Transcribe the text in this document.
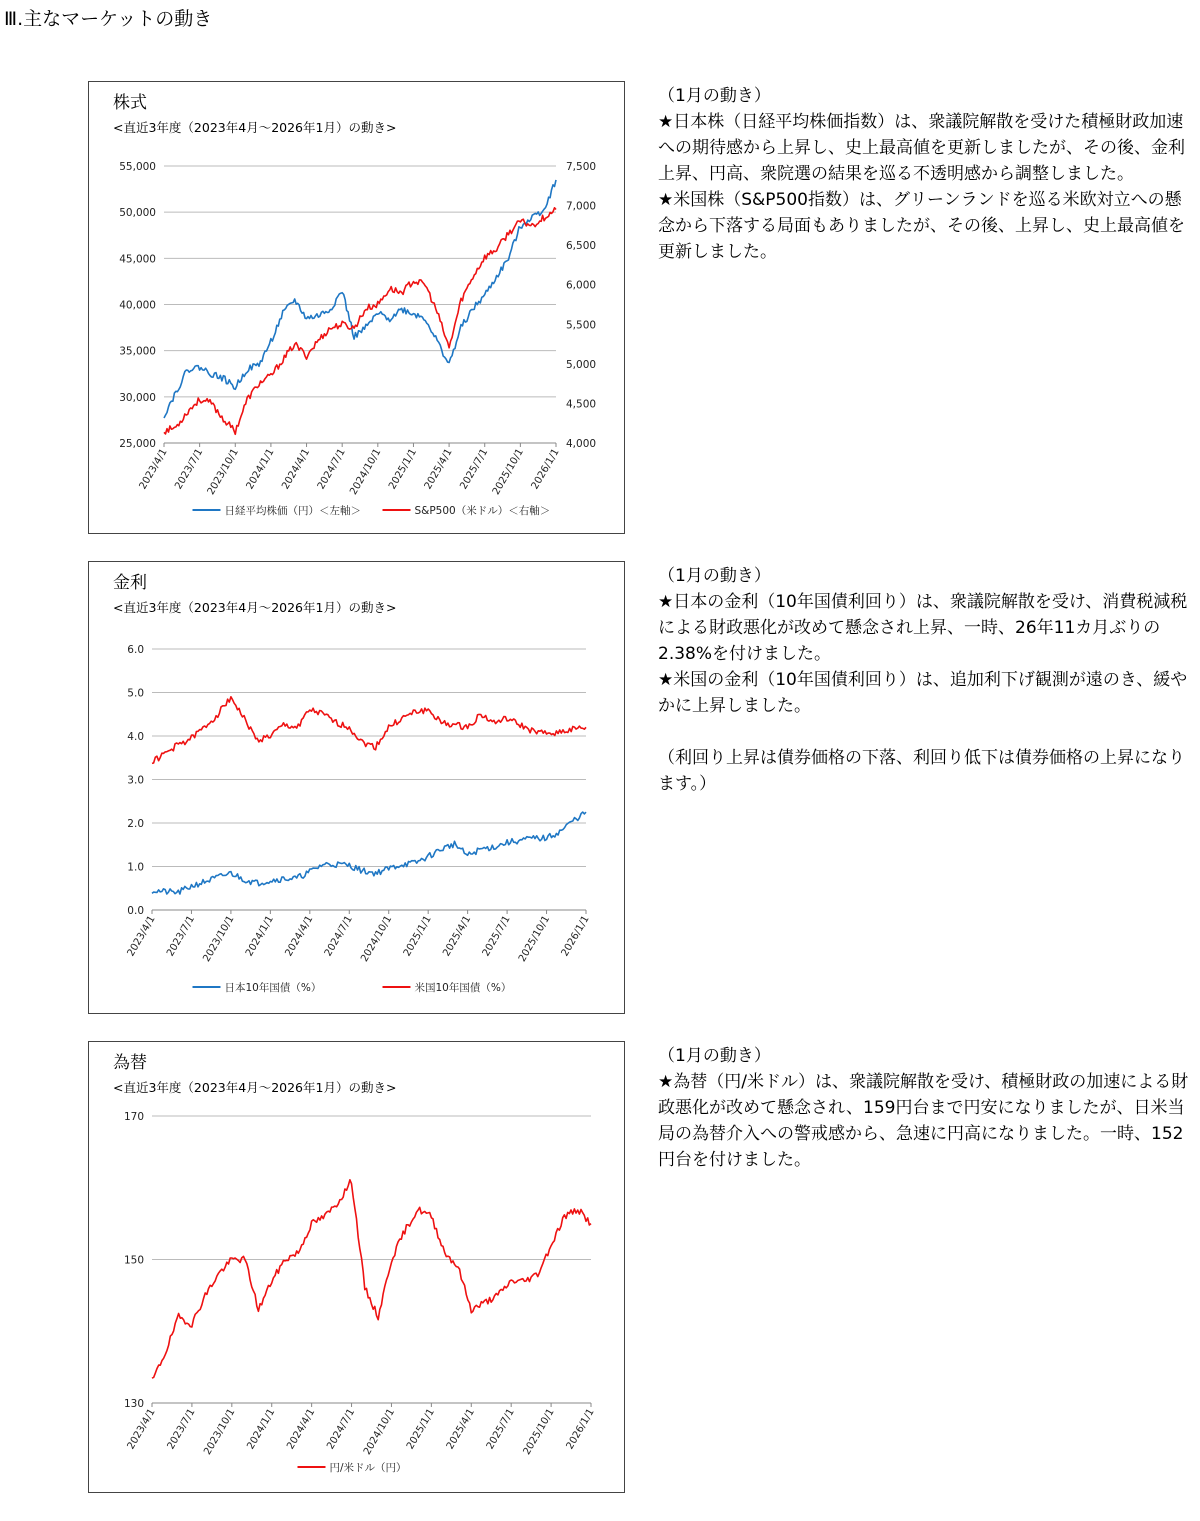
Ⅲ.主なマーケットの動き
株式
<直近3年度（2023年4月～2026年1月）の動き>
25,000
30,000
35,000
40,000
45,000
50,000
55,000
4,000
4,500
5,000
5,500
6,000
6,500
7,000
7,500
2023/4/1 2023/7/1 2023/10/1 2024/1/1 2024/4/1 2024/7/1 2024/10/1 2025/1/1 2025/4/1 2025/7/1 2025/10/1 2026/1/1
日経平均株価（円）＜左軸＞	S&P500（米ドル）＜右軸＞
（1月の動き）

★日本株（日経平均株価指数）は、衆議院解散を受けた積極財政加速への期待感から上昇し、史上最高値を更新しましたが、その後、金利上昇、円高、衆院選の結果を巡る不透明感から調整しました。

★米国株（S&P500指数）は、グリーンランドを巡る米欧対立への懸念から下落する局面もありましたが、その後、上昇し、史上最高値を更新しました。

金利
<直近3年度（2023年4月～2026年1月）の動き>
0.0
1.0
2.0
3.0
4.0
5.0
6.0
2023/4/1 2023/7/1 2023/10/1 2024/1/1 2024/4/1 2024/7/1 2024/10/1 2025/1/1 2025/4/1 2025/7/1 2025/10/1 2026/1/1
日本10年国債（%）	米国10年国債（%）
（1月の動き）

★日本の金利（10年国債利回り）は、衆議院解散を受け、消費税減税による財政悪化が改めて懸念され上昇、一時、26年11カ月ぶりの2.38%を付けました。

★米国の金利（10年国債利回り）は、追加利下げ観測が遠のき、緩やかに上昇しました。

（利回り上昇は債券価格の下落、利回り低下は債券価格の上昇になります。）

為替
<直近3年度（2023年4月～2026年1月）の動き>
130
150
170
2023/4/1 2023/7/1 2023/10/1 2024/1/1 2024/4/1 2024/7/1 2024/10/1 2025/1/1 2025/4/1 2025/7/1 2025/10/1 2026/1/1
円/米ドル（円）
（1月の動き）

★為替（円/米ドル）は、衆議院解散を受け、積極財政の加速による財政悪化が改めて懸念され、159円台まで円安になりましたが、日米当局の為替介入への警戒感から、急速に円高になりました。一時、152円台を付けました。
